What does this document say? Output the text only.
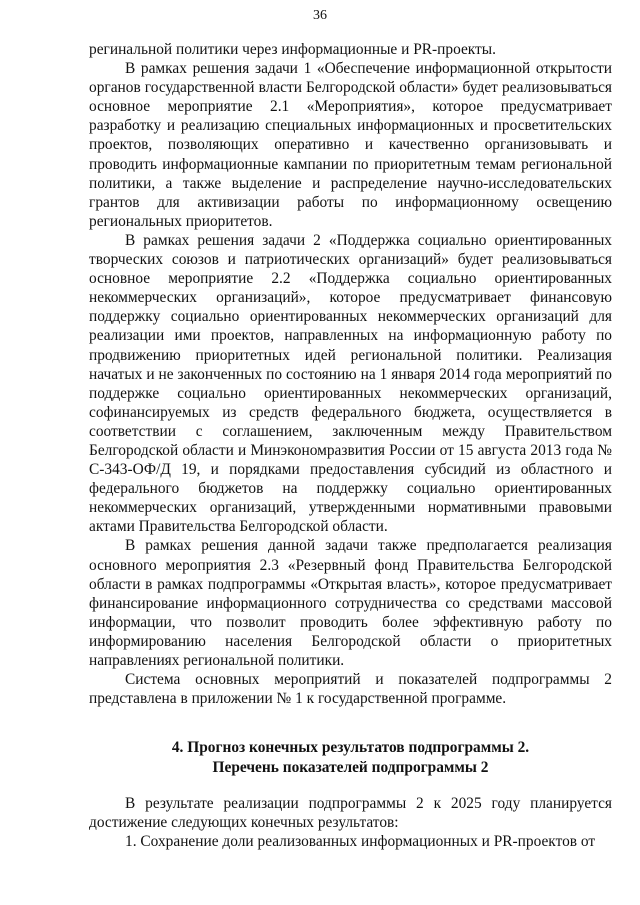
36

регинальной политики через информационные и PR-проекты.

В рамках решения задачи 1 «Обеспечение информационной открытости органов государственной власти Белгородской области» будет реализовываться основное мероприятие 2.1 «Мероприятия», которое предусматривает разработку и реализацию специальных информационных и просветительских проектов, позволяющих оперативно и качественно организовывать и проводить информационные кампании по приоритетным темам региональной политики, а также выделение и распределение научно-исследовательских грантов для активизации работы по информационному освещению региональных приоритетов.

В рамках решения задачи 2 «Поддержка социально ориентированных творческих союзов и патриотических организаций» будет реализовываться основное мероприятие 2.2 «Поддержка социально ориентированных некоммерческих организаций», которое предусматривает финансовую поддержку социально ориентированных некоммерческих организаций для реализации ими проектов, направленных на информационную работу по продвижению приоритетных идей региональной политики. Реализация начатых и не законченных по состоянию на 1 января 2014 года мероприятий по поддержке социально ориентированных некоммерческих организаций, софинансируемых из средств федерального бюджета, осуществляется в соответствии с соглашением, заключенным между Правительством Белгородской области и Минэкономразвития России от 15 августа 2013 года № С-343-ОФ/Д 19, и порядками предоставления субсидий из областного и федерального бюджетов на поддержку социально ориентированных некоммерческих организаций, утвержденными нормативными правовыми актами Правительства Белгородской области.

В рамках решения данной задачи также предполагается реализация основного мероприятия 2.3 «Резервный фонд Правительства Белгородской области в рамках подпрограммы «Открытая власть», которое предусматривает финансирование информационного сотрудничества со средствами массовой информации, что позволит проводить более эффективную работу по информированию населения Белгородской области о приоритетных направлениях региональной политики.

Система основных мероприятий и показателей подпрограммы 2 представлена в приложении № 1 к государственной программе.

4. Прогноз конечных результатов подпрограммы 2.
Перечень показателей подпрограммы 2

В результате реализации подпрограммы 2 к 2025 году планируется достижение следующих конечных результатов:

1. Сохранение доли реализованных информационных и PR-проектов от
